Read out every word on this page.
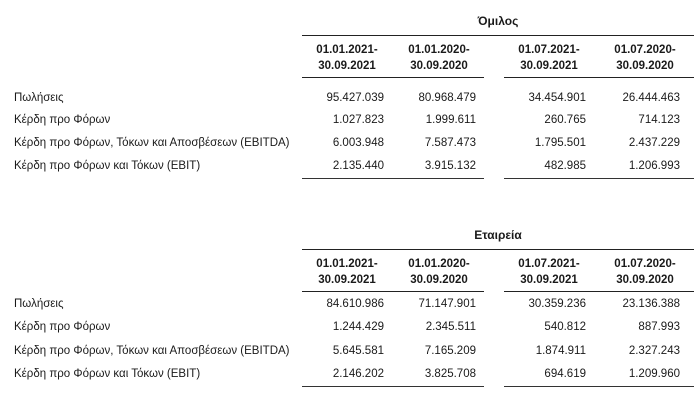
Όμιλος
01.01.2021-
30.09.2021
01.01.2020-
30.09.2020
01.07.2021-
30.09.2021
01.07.2020-
30.09.2020
Πωλήσεις	95.427.039	80.968.479	34.454.901	26.444.463
Κέρδη προ Φόρων	1.027.823	1.999.611	260.765	714.123
Κέρδη προ Φόρων, Τόκων και Αποσβέσεων (EBITDA)	6.003.948	7.587.473	1.795.501	2.437.229
Κέρδη προ Φόρων και Τόκων (EBIT)	2.135.440	3.915.132	482.985	1.206.993
Εταιρεία
01.01.2021-
30.09.2021
01.01.2020-
30.09.2020
01.07.2021-
30.09.2021
01.07.2020-
30.09.2020
Πωλήσεις	84.610.986	71.147.901	30.359.236	23.136.388
Κέρδη προ Φόρων	1.244.429	2.345.511	540.812	887.993
Κέρδη προ Φόρων, Τόκων και Αποσβέσεων (EBITDA)	5.645.581	7.165.209	1.874.911	2.327.243
Κέρδη προ Φόρων και Τόκων (EBIT)	2.146.202	3.825.708	694.619	1.209.960
